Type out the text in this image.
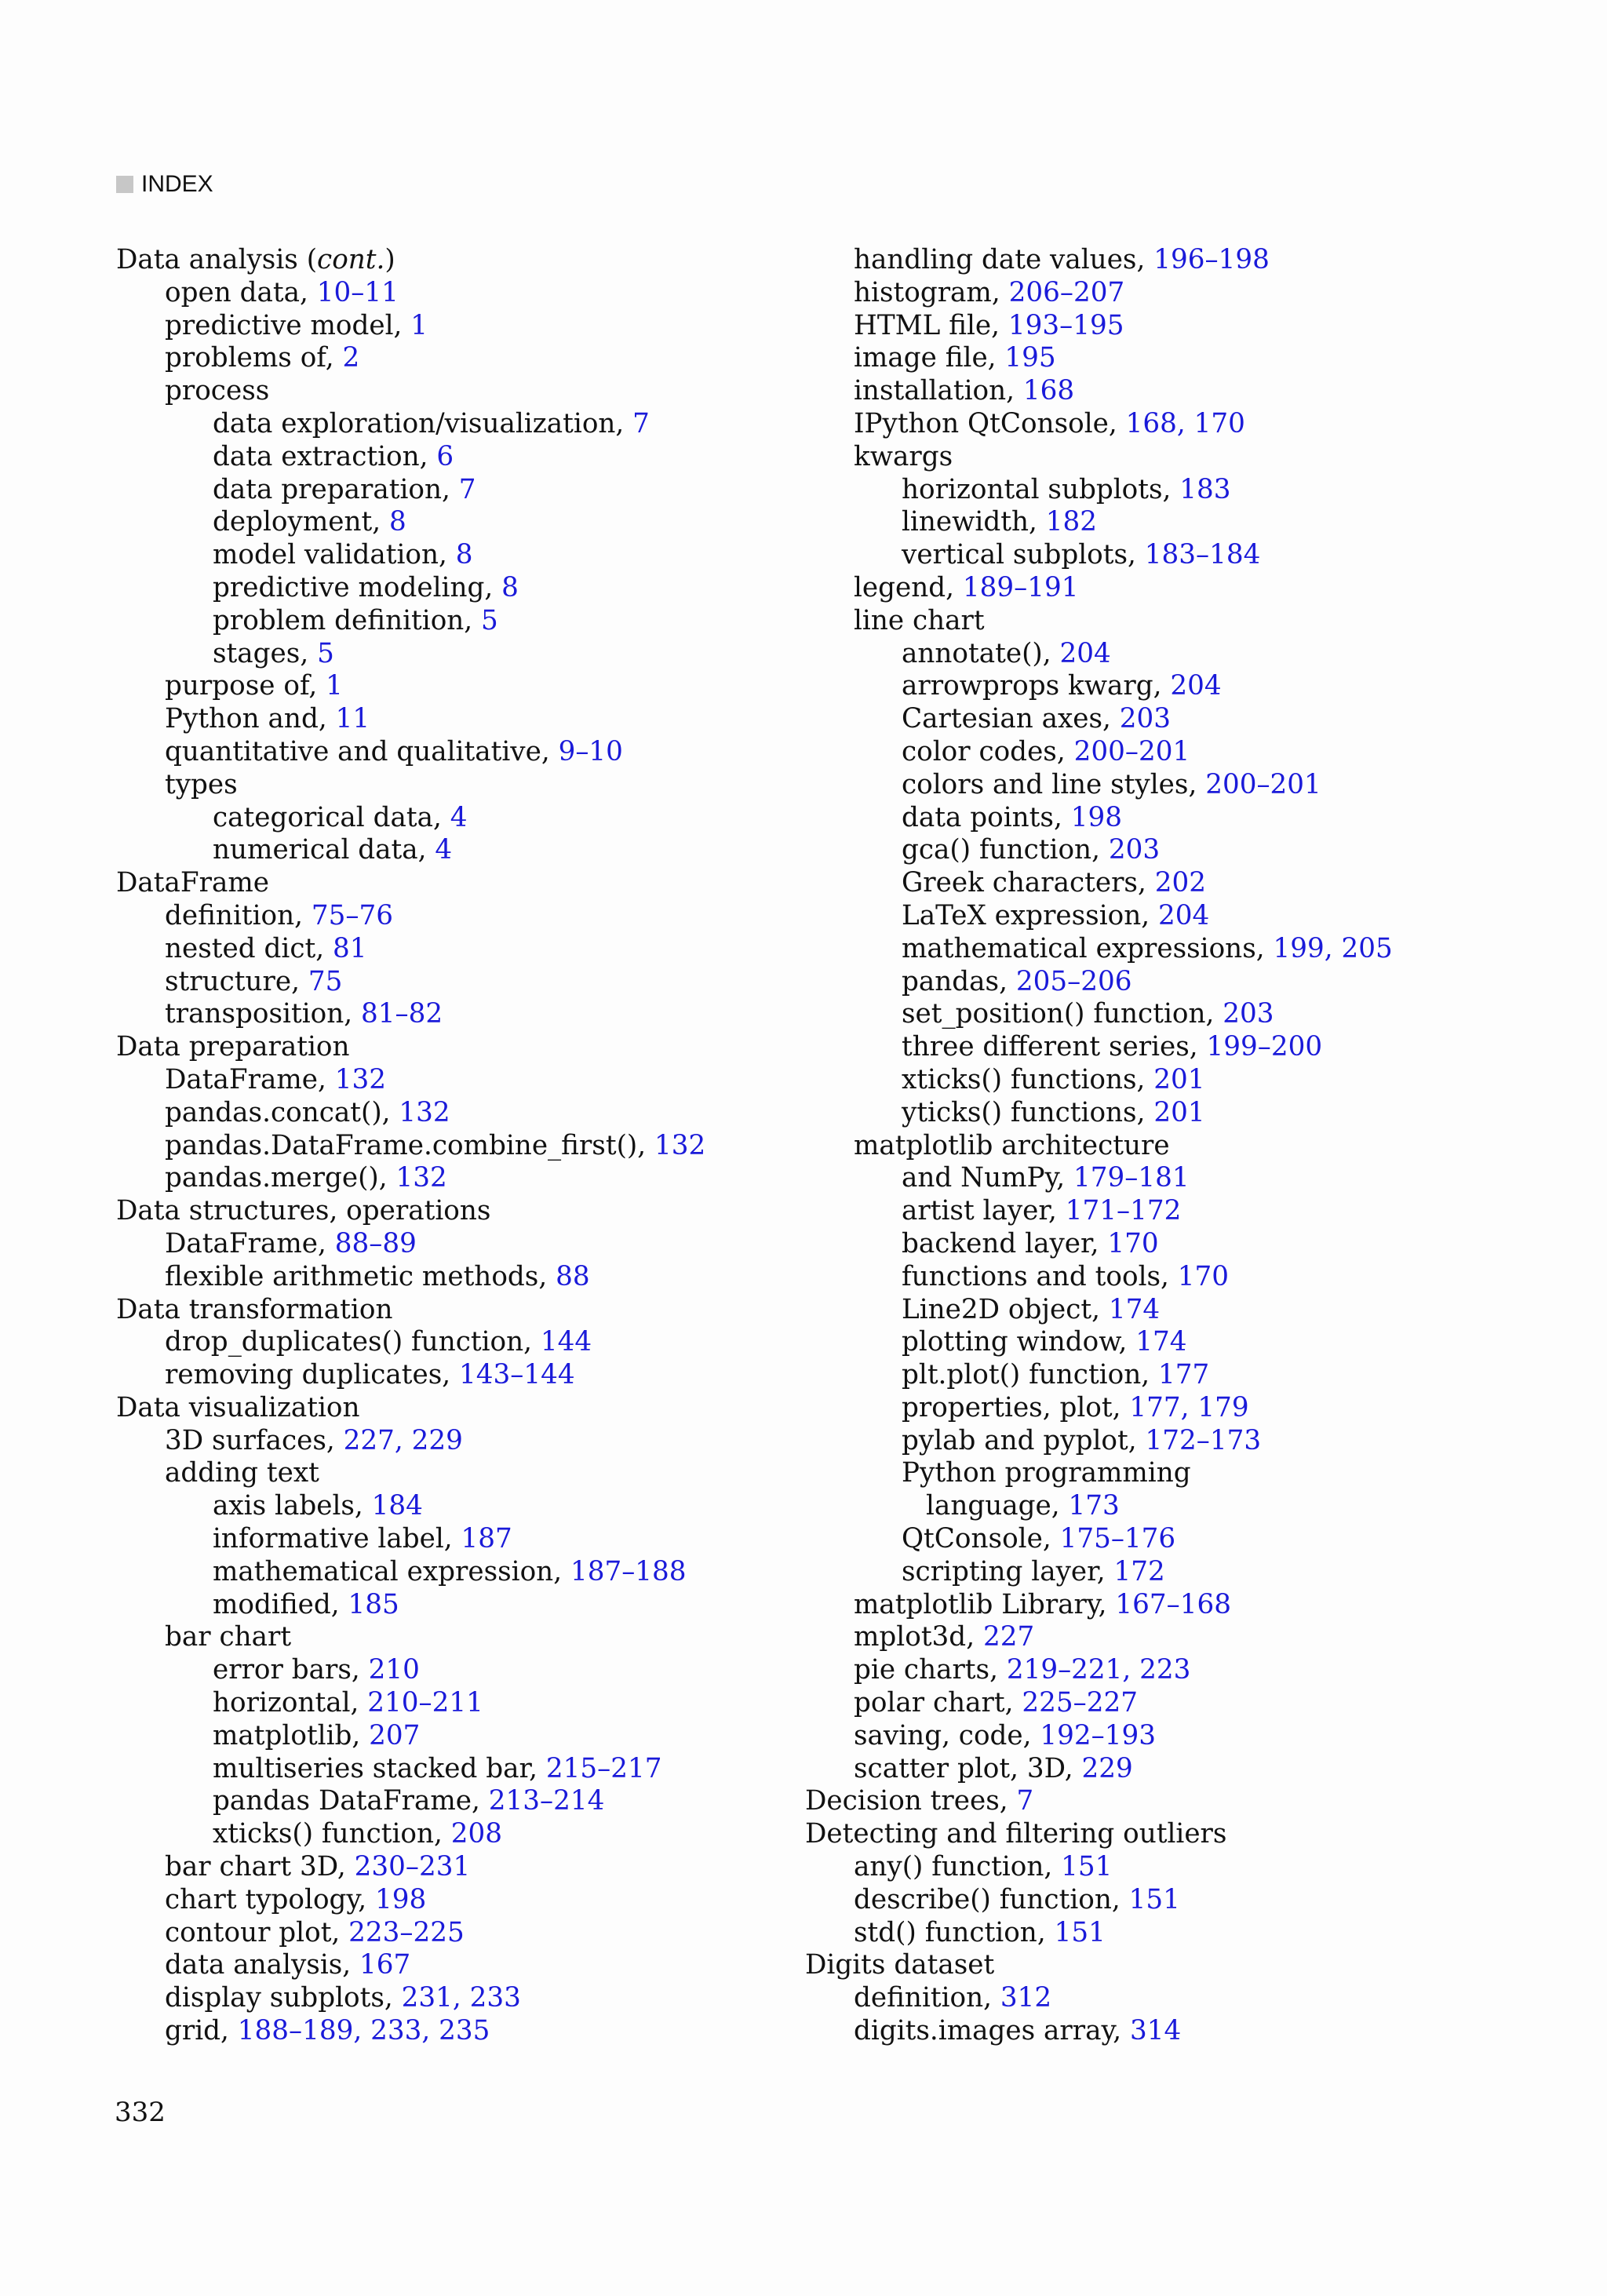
INDEX
Data analysis (cont.)
open data, 10–11
predictive model, 1
problems of, 2
process
data exploration/visualization, 7
data extraction, 6
data preparation, 7
deployment, 8
model validation, 8
predictive modeling, 8
problem definition, 5
stages, 5
purpose of, 1
Python and, 11
quantitative and qualitative, 9–10
types
categorical data, 4
numerical data, 4
DataFrame
definition, 75–76
nested dict, 81
structure, 75
transposition, 81–82
Data preparation
DataFrame, 132
pandas.concat(), 132
pandas.DataFrame.combine_first(), 132
pandas.merge(), 132
Data structures, operations
DataFrame, 88–89
flexible arithmetic methods, 88
Data transformation
drop_duplicates() function, 144
removing duplicates, 143–144
Data visualization
3D surfaces, 227, 229
adding text
axis labels, 184
informative label, 187
mathematical expression, 187–188
modified, 185
bar chart
error bars, 210
horizontal, 210–211
matplotlib, 207
multiseries stacked bar, 215–217
pandas DataFrame, 213–214
xticks() function, 208
bar chart 3D, 230–231
chart typology, 198
contour plot, 223–225
data analysis, 167
display subplots, 231, 233
grid, 188–189, 233, 235
handling date values, 196–198
histogram, 206–207
HTML file, 193–195
image file, 195
installation, 168
IPython QtConsole, 168, 170
kwargs
horizontal subplots, 183
linewidth, 182
vertical subplots, 183–184
legend, 189–191
line chart
annotate(), 204
arrowprops kwarg, 204
Cartesian axes, 203
color codes, 200–201
colors and line styles, 200–201
data points, 198
gca() function, 203
Greek characters, 202
LaTeX expression, 204
mathematical expressions, 199, 205
pandas, 205–206
set_position() function, 203
three different series, 199–200
xticks() functions, 201
yticks() functions, 201
matplotlib architecture
and NumPy, 179–181
artist layer, 171–172
backend layer, 170
functions and tools, 170
Line2D object, 174
plotting window, 174
plt.plot() function, 177
properties, plot, 177, 179
pylab and pyplot, 172–173
Python programming
language, 173
QtConsole, 175–176
scripting layer, 172
matplotlib Library, 167–168
mplot3d, 227
pie charts, 219–221, 223
polar chart, 225–227
saving, code, 192–193
scatter plot, 3D, 229
Decision trees, 7
Detecting and filtering outliers
any() function, 151
describe() function, 151
std() function, 151
Digits dataset
definition, 312
digits.images array, 314
332
